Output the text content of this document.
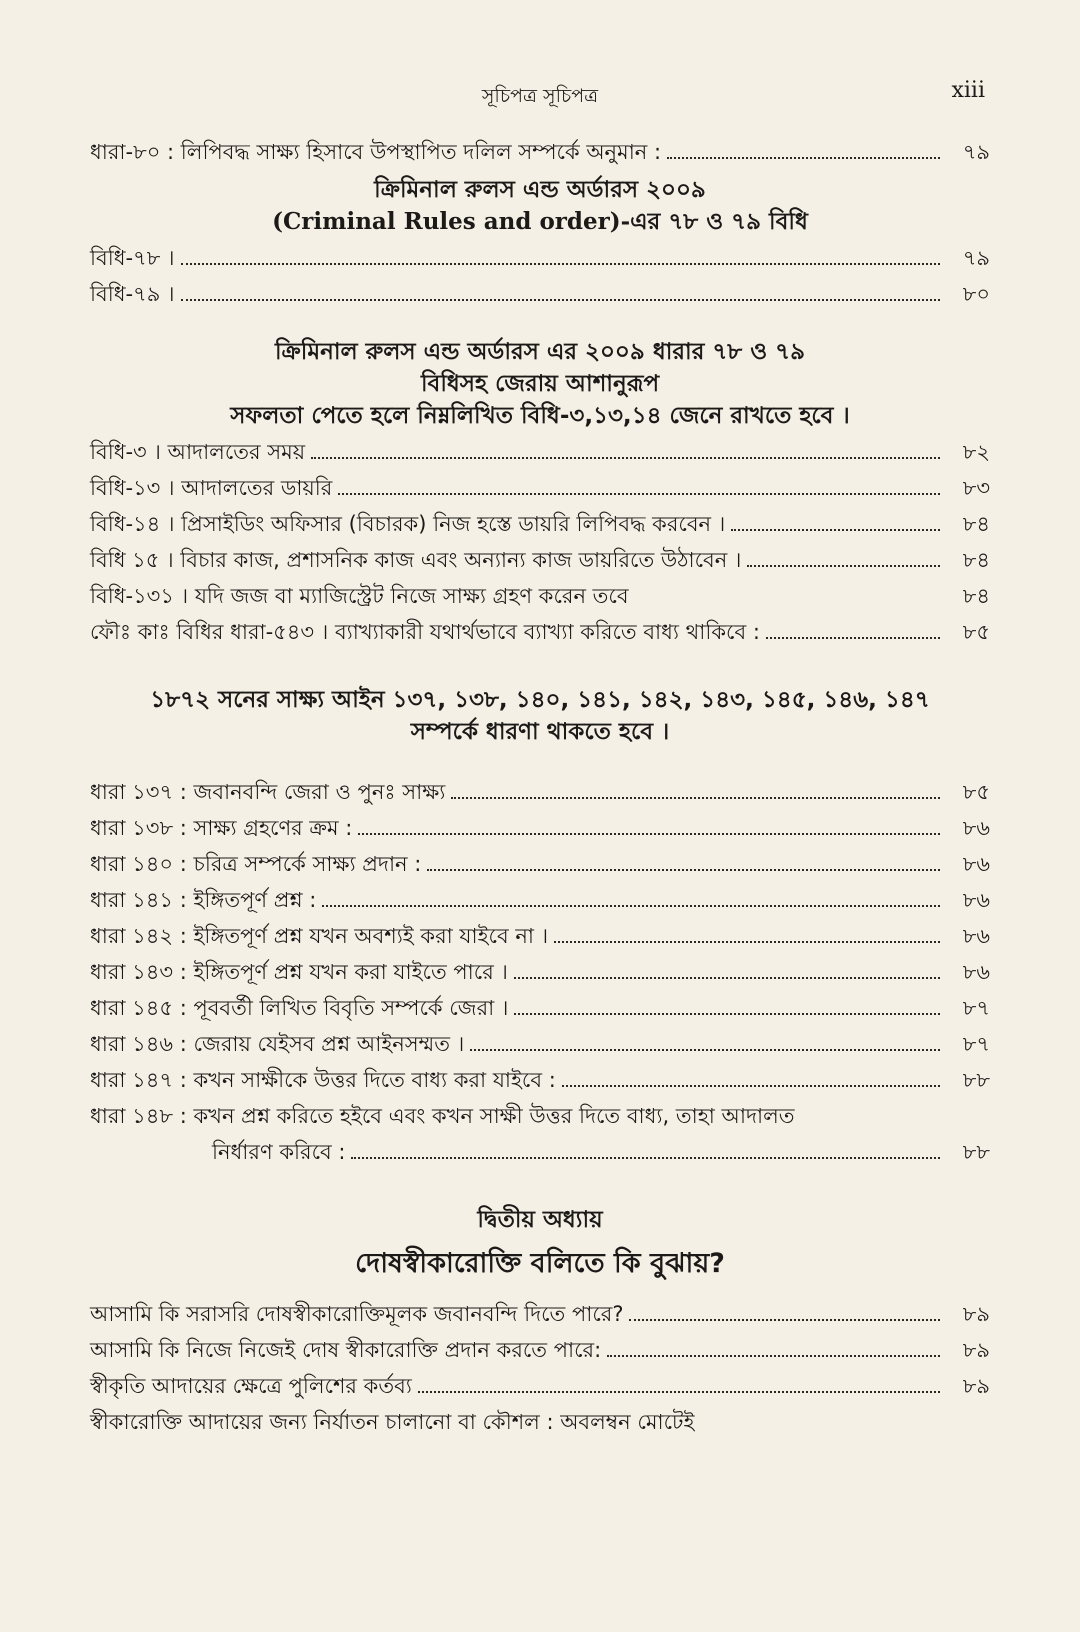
সূচিপত্র সূচিপত্র	xiii
ধারা-৮০ : লিপিবদ্ধ সাক্ষ্য হিসাবে উপস্থাপিত দলিল সম্পর্কে অনুমান :	৭৯
ক্রিমিনাল রুলস এন্ড অর্ডারস ২০০৯
(Criminal Rules and order)-এর ৭৮ ও ৭৯ বিধি
বিধি-৭৮ ।	৭৯
বিধি-৭৯ ।	৮০
ক্রিমিনাল রুলস এন্ড অর্ডারস এর ২০০৯ ধারার ৭৮ ও ৭৯
বিধিসহ জেরায় আশানুরূপ
সফলতা পেতে হলে নিম্নলিখিত বিধি-৩,১৩,১৪ জেনে রাখতে হবে ।
বিধি-৩ । আদালতের সময়	৮২
বিধি-১৩ । আদালতের ডায়রি	৮৩
বিধি-১৪ । প্রিসাইডিং অফিসার (বিচারক) নিজ হস্তে ডায়রি লিপিবদ্ধ করবেন ।	৮৪
বিধি ১৫ । বিচার কাজ, প্রশাসনিক কাজ এবং অন্যান্য কাজ ডায়রিতে উঠাবেন ।	৮৪
বিধি-১৩১ । যদি জজ বা ম্যাজিস্ট্রেট নিজে সাক্ষ্য গ্রহণ করেন তবে	৮৪
ফৌঃ কাঃ বিধির ধারা-৫৪৩ । ব্যাখ্যাকারী যথার্থভাবে ব্যাখ্যা করিতে বাধ্য থাকিবে :	৮৫
১৮৭২ সনের সাক্ষ্য আইন ১৩৭, ১৩৮, ১৪০, ১৪১, ১৪২, ১৪৩, ১৪৫, ১৪৬, ১৪৭
সম্পর্কে ধারণা থাকতে হবে ।
ধারা ১৩৭ : জবানবন্দি জেরা ও পুনঃ সাক্ষ্য	৮৫
ধারা ১৩৮ : সাক্ষ্য গ্রহণের ক্রম :	৮৬
ধারা ১৪০ : চরিত্র সম্পর্কে সাক্ষ্য প্রদান :	৮৬
ধারা ১৪১ : ইঙ্গিতপূর্ণ প্রশ্ন :	৮৬
ধারা ১৪২ : ইঙ্গিতপূর্ণ প্রশ্ন যখন অবশ্যই করা যাইবে না ।	৮৬
ধারা ১৪৩ : ইঙ্গিতপূর্ণ প্রশ্ন যখন করা যাইতে পারে ।	৮৬
ধারা ১৪৫ : পূববর্তী লিখিত বিবৃতি সম্পর্কে জেরা ।	৮৭
ধারা ১৪৬ : জেরায় যেইসব প্রশ্ন আইনসম্মত ।	৮৭
ধারা ১৪৭ : কখন সাক্ষীকে উত্তর দিতে বাধ্য করা যাইবে :	৮৮
ধারা ১৪৮ : কখন প্রশ্ন করিতে হইবে এবং কখন সাক্ষী উত্তর দিতে বাধ্য, তাহা আদালত
নির্ধারণ করিবে :	৮৮
দ্বিতীয় অধ্যায়
দোষস্বীকারোক্তি বলিতে কি বুঝায়?
আসামি কি সরাসরি দোষস্বীকারোক্তিমূলক জবানবন্দি দিতে পারে?	৮৯
আসামি কি নিজে নিজেই দোষ স্বীকারোক্তি প্রদান করতে পারে:	৮৯
স্বীকৃতি আদায়ের ক্ষেত্রে পুলিশের কর্তব্য	৮৯
স্বীকারোক্তি আদায়ের জন্য নির্যাতন চালানো বা কৌশল : অবলম্বন মোটেই
